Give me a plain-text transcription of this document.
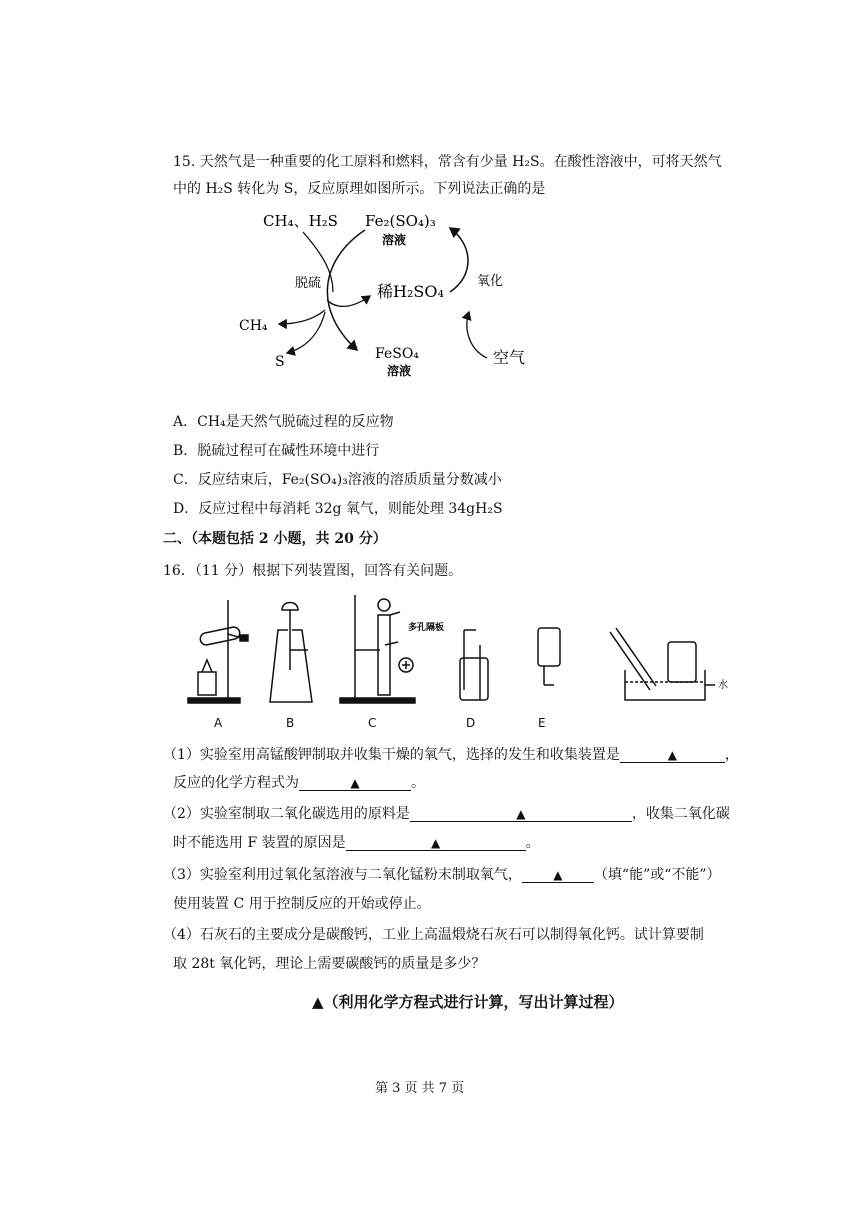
15. 天然气是一种重要的化工原料和燃料，常含有少量 H₂S。在酸性溶液中，可将天然气
中的 H₂S 转化为 S，反应原理如图所示。下列说法正确的是
CH₄、H₂S Fe₂(SO₄)₃
溶液
脱硫	稀H₂SO₄
氧化
CH₄
S	FeSO₄
溶液
空气
A．CH₄是天然气脱硫过程的反应物
B．脱硫过程可在碱性环境中进行
C．反应结束后，Fe₂(SO₄)₃溶液的溶质质量分数减小
D．反应过程中每消耗 32g 氧气，则能处理 34gH₂S
二、（本题包括 2 小题，共 20 分）
16．（11 分）根据下列装置图，回答有关问题。
多孔隔板
水
A	B	C	D	E
（1）实验室用高锰酸钾制取并收集干燥的氧气，选择的发生和收集装置是	▲	，
反应的化学方程式为	▲	。
（2）实验室制取二氧化碳选用的原料是	▲	，收集二氧化碳
时不能选用 F 装置的原因是	▲	。
（3）实验室利用过氧化氢溶液与二氧化锰粉末制取氧气，	▲ （填“能”或“不能”）
使用装置 C 用于控制反应的开始或停止。
（4）石灰石的主要成分是碳酸钙，工业上高温煅烧石灰石可以制得氧化钙。试计算要制
取 28t 氧化钙，理论上需要碳酸钙的质量是多少？
▲（利用化学方程式进行计算，写出计算过程）
第 3 页 共 7 页
